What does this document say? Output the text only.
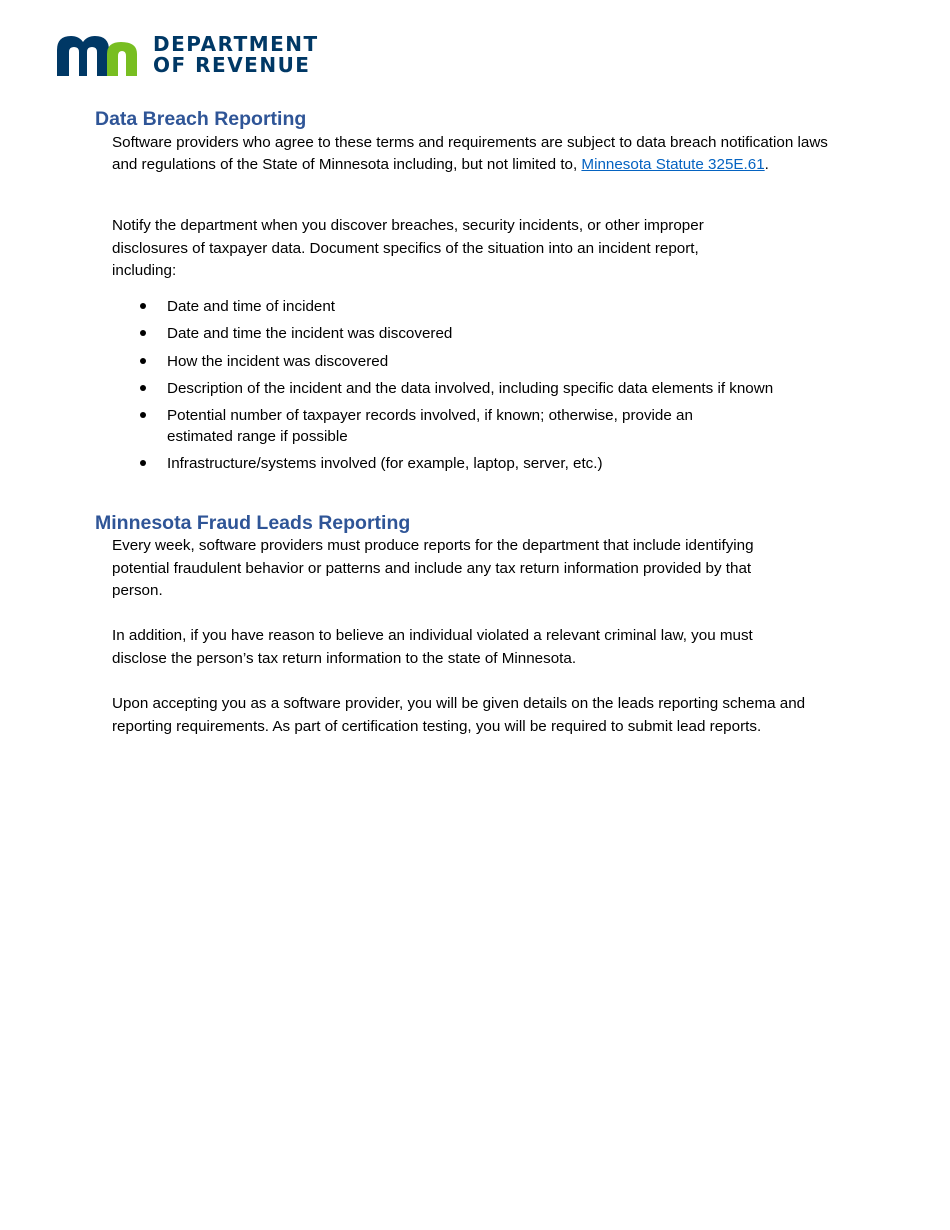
DEPARTMENT
OF REVENUE
Data Breach Reporting

Software providers who agree to these terms and requirements are subject to data breach notification laws and regulations of the State of Minnesota including, but not limited to, Minnesota Statute 325E.61.

Notify the department when you discover breaches, security incidents, or other improper disclosures of taxpayer data. Document specifics of the situation into an incident report, including:

Date and time of incident
Date and time the incident was discovered
How the incident was discovered
Description of the incident and the data involved, including specific data elements if known
Potential number of taxpayer records involved, if known; otherwise, provide an estimated range if possible
Infrastructure/systems involved (for example, laptop, server, etc.)
Minnesota Fraud Leads Reporting

Every week, software providers must produce reports for the department that include identifying potential fraudulent behavior or patterns and include any tax return information provided by that person.

In addition, if you have reason to believe an individual violated a relevant criminal law, you must disclose the person’s tax return information to the state of Minnesota.

Upon accepting you as a software provider, you will be given details on the leads reporting schema and reporting requirements. As part of certification testing, you will be required to submit lead reports.
